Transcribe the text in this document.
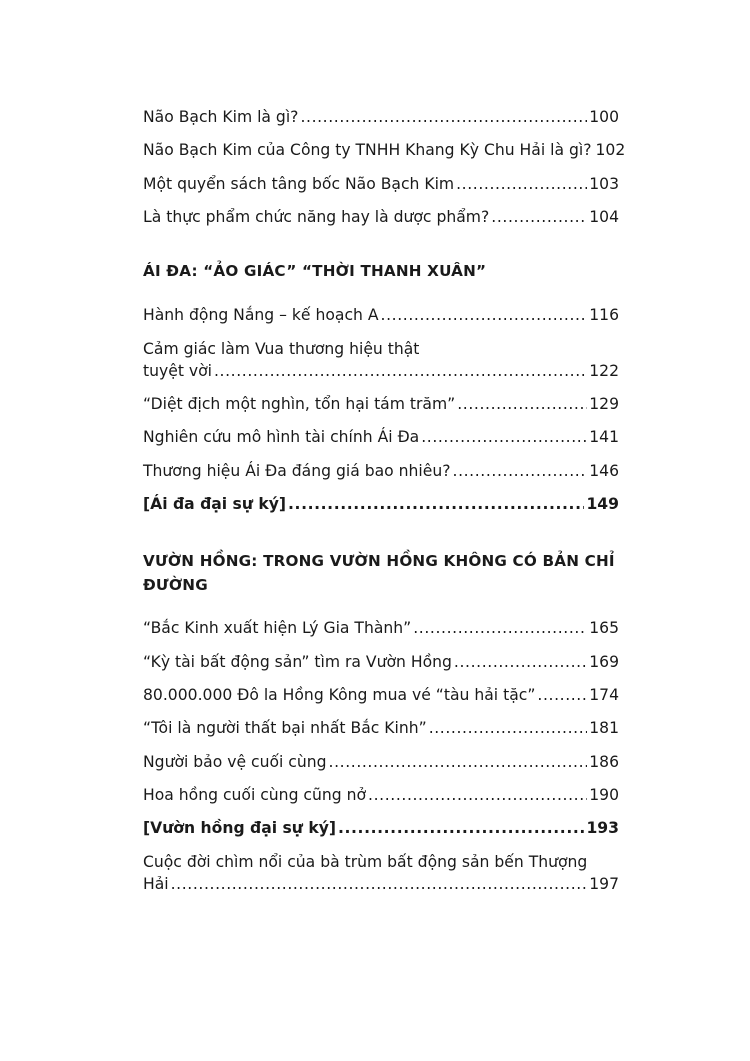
Não Bạch Kim là gì? .....	100
Não Bạch Kim của Công ty TNHH Khang Kỳ Chu Hải là gì? 102
Một quyển sách tâng bốc Não Bạch Kim .....	103
Là thực phẩm chức năng hay là dược phẩm? .....	104
ÁI ĐA: “ẢO GIÁC” “THỜI THANH XUÂN”
Hành động Nắng – kế hoạch A .....	116
Cảm giác làm Vua thương hiệu thật
tuyệt vời .....	122
“Diệt địch một nghìn, tổn hại tám trăm” .....	129
Nghiên cứu mô hình tài chính Ái Đa .....	141
Thương hiệu Ái Đa đáng giá bao nhiêu? .....	146
[Ái đa đại sự ký] .....	149
VƯỜN HỒNG: TRONG VƯỜN HỒNG KHÔNG CÓ BẢN CHỈ
ĐƯỜNG
“Bắc Kinh xuất hiện Lý Gia Thành” .....	165
“Kỳ tài bất động sản” tìm ra Vườn Hồng .....	169
80.000.000 Đô la Hồng Kông mua vé “tàu hải tặc” .....	174
“Tôi là người thất bại nhất Bắc Kinh” .....	181
Người bảo vệ cuối cùng .....	186
Hoa hồng cuối cùng cũng nở .....	190
[Vườn hồng đại sự ký] .....	193
Cuộc đời chìm nổi của bà trùm bất động sản bến Thượng
Hải .....	197
